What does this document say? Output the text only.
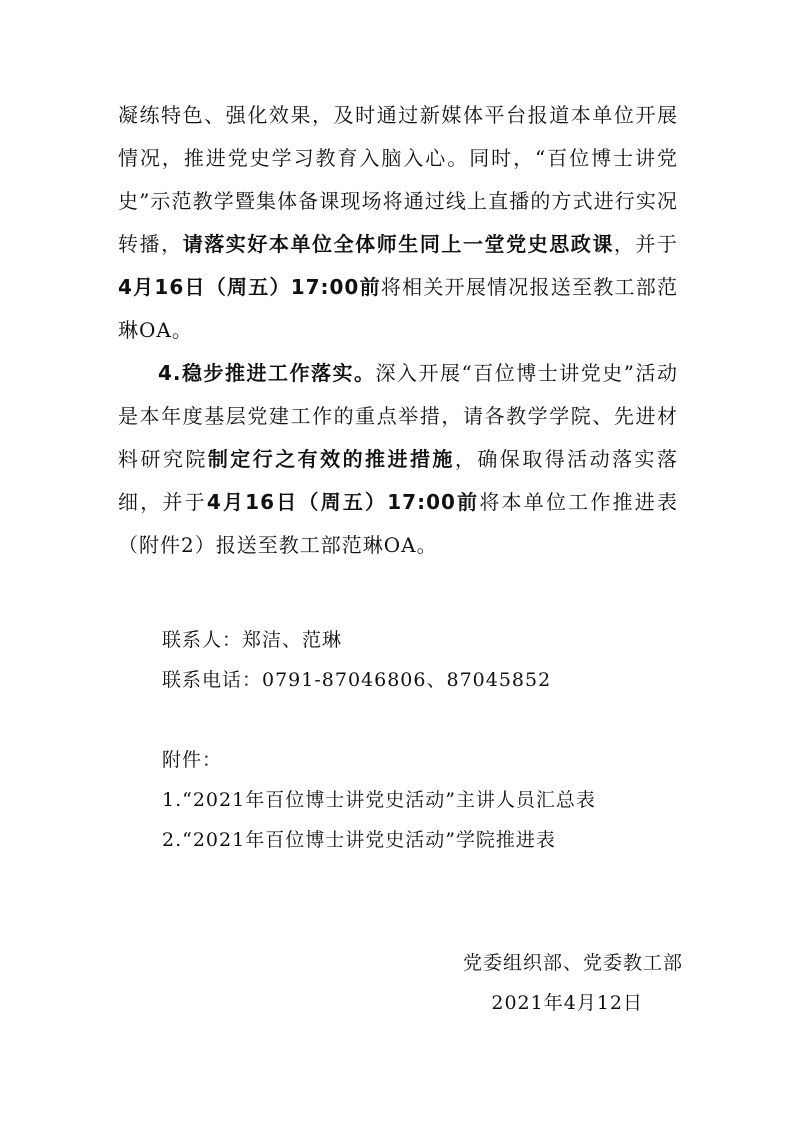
凝练特色、强化效果，及时通过新媒体平台报道本单位开展情况，推进党史学习教育入脑入心。同时，“百位博士讲党史”示范教学暨集体备课现场将通过线上直播的方式进行实况转播，请落实好本单位全体师生同上一堂党史思政课，并于4月16日（周五）17:00前将相关开展情况报送至教工部范琳OA。

4.稳步推进工作落实。深入开展“百位博士讲党史”活动是本年度基层党建工作的重点举措，请各教学学院、先进材料研究院制定行之有效的推进措施，确保取得活动落实落细，并于4月16日（周五）17:00前将本单位工作推进表（附件2）报送至教工部范琳OA。

联系人：郑洁、范琳
联系电话：0791-87046806、87045852
附件：
1.“2021年百位博士讲党史活动”主讲人员汇总表
2.“2021年百位博士讲党史活动”学院推进表
党委组织部、党委教工部
2021年4月12日
